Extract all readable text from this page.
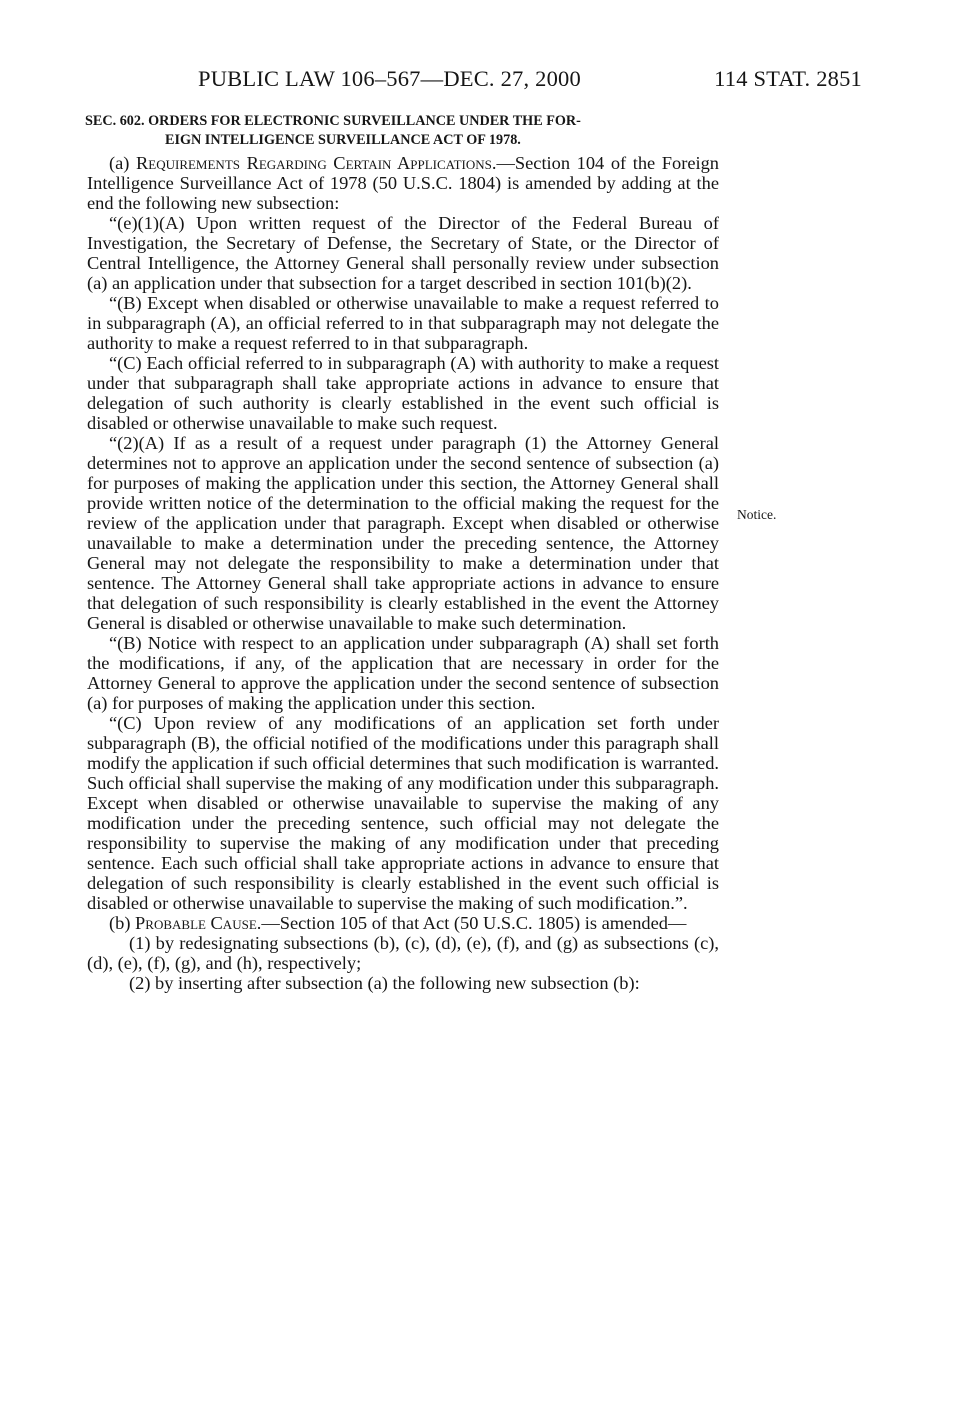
PUBLIC LAW 106–567—DEC. 27, 2000	114 STAT. 2851
Notice.
SEC. 602. ORDERS FOR ELECTRONIC SURVEILLANCE UNDER THE FOR-
EIGN INTELLIGENCE SURVEILLANCE ACT OF 1978.

(a) Requirements Regarding Certain Applications.—Section 104 of the Foreign Intelligence Surveillance Act of 1978 (50 U.S.C. 1804) is amended by adding at the end the following new subsection:

“(e)(1)(A) Upon written request of the Director of the Federal Bureau of Investigation, the Secretary of Defense, the Secretary of State, or the Director of Central Intelligence, the Attorney General shall personally review under subsection (a) an application under that subsection for a target described in section 101(b)(2).

“(B) Except when disabled or otherwise unavailable to make a request referred to in subparagraph (A), an official referred to in that subparagraph may not delegate the authority to make a request referred to in that subparagraph.

“(C) Each official referred to in subparagraph (A) with authority to make a request under that subparagraph shall take appropriate actions in advance to ensure that delegation of such authority is clearly established in the event such official is disabled or otherwise unavailable to make such request.

“(2)(A) If as a result of a request under paragraph (1) the Attorney General determines not to approve an application under the second sentence of subsection (a) for purposes of making the application under this section, the Attorney General shall provide written notice of the determination to the official making the request for the review of the application under that paragraph. Except when disabled or otherwise unavailable to make a determination under the preceding sentence, the Attorney General may not delegate the responsibility to make a determination under that sentence. The Attorney General shall take appropriate actions in advance to ensure that delegation of such responsibility is clearly established in the event the Attorney General is disabled or otherwise unavailable to make such determination.

“(B) Notice with respect to an application under subparagraph (A) shall set forth the modifications, if any, of the application that are necessary in order for the Attorney General to approve the application under the second sentence of subsection (a) for purposes of making the application under this section.

“(C) Upon review of any modifications of an application set forth under subparagraph (B), the official notified of the modifications under this paragraph shall modify the application if such official determines that such modification is warranted. Such official shall supervise the making of any modification under this subparagraph. Except when disabled or otherwise unavailable to supervise the making of any modification under the preceding sentence, such official may not delegate the responsibility to supervise the making of any modification under that preceding sentence. Each such official shall take appropriate actions in advance to ensure that delegation of such responsibility is clearly established in the event such official is disabled or otherwise unavailable to supervise the making of such modification.”.

(b) Probable Cause.—Section 105 of that Act (50 U.S.C. 1805) is amended—

(1) by redesignating subsections (b), (c), (d), (e), (f), and (g) as subsections (c), (d), (e), (f), (g), and (h), respectively;

(2) by inserting after subsection (a) the following new subsection (b):
